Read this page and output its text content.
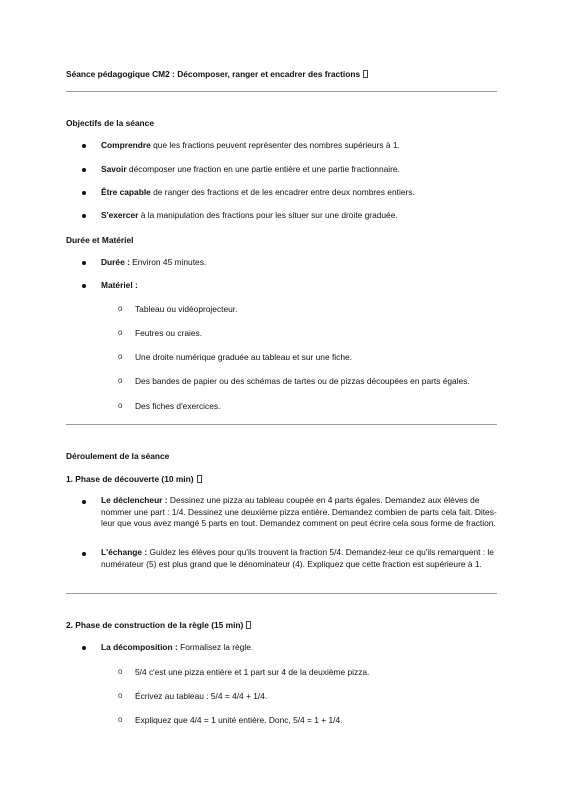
Séance pédagogique CM2 : Décomposer, ranger et encadrer des fractions
Objectifs de la séance
Comprendre que les fractions peuvent représenter des nombres supérieurs à 1.
Savoir décomposer une fraction en une partie entière et une partie fractionnaire.
Être capable de ranger des fractions et de les encadrer entre deux nombres entiers.
S'exercer à la manipulation des fractions pour les situer sur une droite graduée.
Durée et Matériel
Durée : Environ 45 minutes.
Matériel :
o Tableau ou vidéoprojecteur.
o Feutres ou craies.
o Une droite numérique graduée au tableau et sur une fiche.
o Des bandes de papier ou des schémas de tartes ou de pizzas découpées en parts égales.
o Des fiches d'exercices.
Déroulement de la séance
1. Phase de découverte (10 min)
Le déclencheur : Dessinez une pizza au tableau coupée en 4 parts égales. Demandez aux élèves de nommer une part : 1/4. Dessinez une deuxième pizza entière. Demandez combien de parts cela fait. Dites-leur que vous avez mangé 5 parts en tout. Demandez comment on peut écrire cela sous forme de fraction.
L'échange : Guidez les élèves pour qu'ils trouvent la fraction 5/4. Demandez-leur ce qu'ils remarquent : le numérateur (5) est plus grand que le dénominateur (4). Expliquez que cette fraction est supérieure à 1.
2. Phase de construction de la règle (15 min)
La décomposition : Formalisez la règle.
o 5/4 c'est une pizza entière et 1 part sur 4 de la deuxième pizza.
o Écrivez au tableau : 5/4 = 4/4 + 1/4.
o Expliquez que 4/4 = 1 unité entière. Donc, 5/4 = 1 + 1/4.
